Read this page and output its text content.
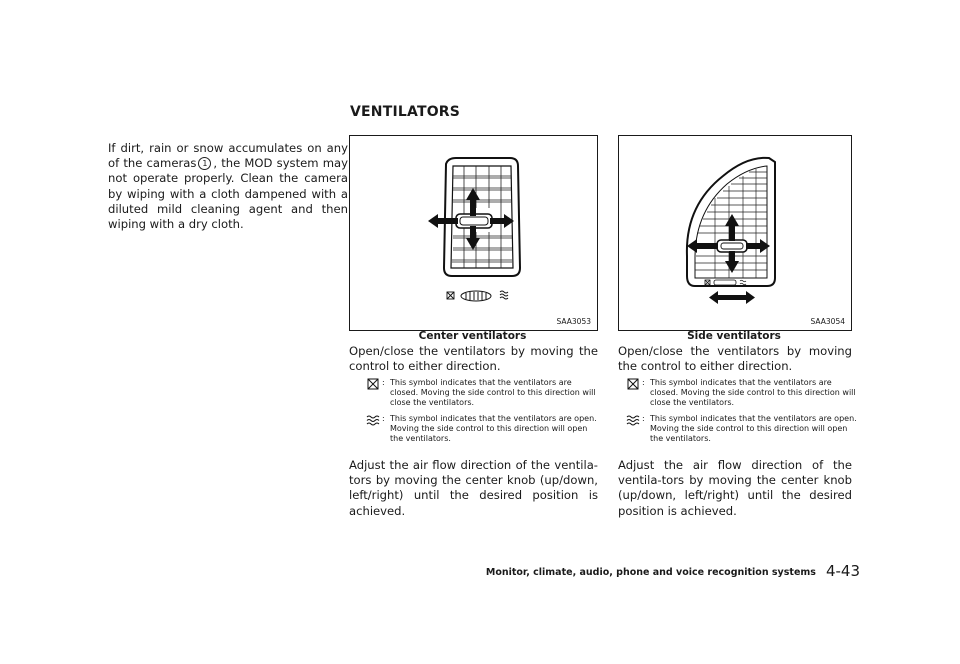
VENTILATORS
If dirt, rain or snow accumulates on any of the cameras 1 , the MOD system may not operate properly. Clean the camera by wiping with a cloth dampened with a diluted mild cleaning agent and then wiping with a dry cloth.
SAA3053
Center ventilators
Open/close the ventilators by moving the control to either direction.
: This symbol indicates that the ventilators are closed. Moving the side control to this direction will close the ventilators.
: This symbol indicates that the ventilators are open. Moving the side control to this direction will open the ventilators.
Adjust the air flow direction of the ventila-tors by moving the center knob (up/down, left/right) until the desired position is achieved.
SAA3054
Side ventilators
Open/close the ventilators by moving the control to either direction.
: This symbol indicates that the ventilators are closed. Moving the side control to this direction will close the ventilators.
: This symbol indicates that the ventilators are open. Moving the side control to this direction will open the ventilators.
Adjust the air flow direction of the ventila-tors by moving the center knob (up/down, left/right) until the desired position is achieved.
Monitor, climate, audio, phone and voice recognition systems 4-43
